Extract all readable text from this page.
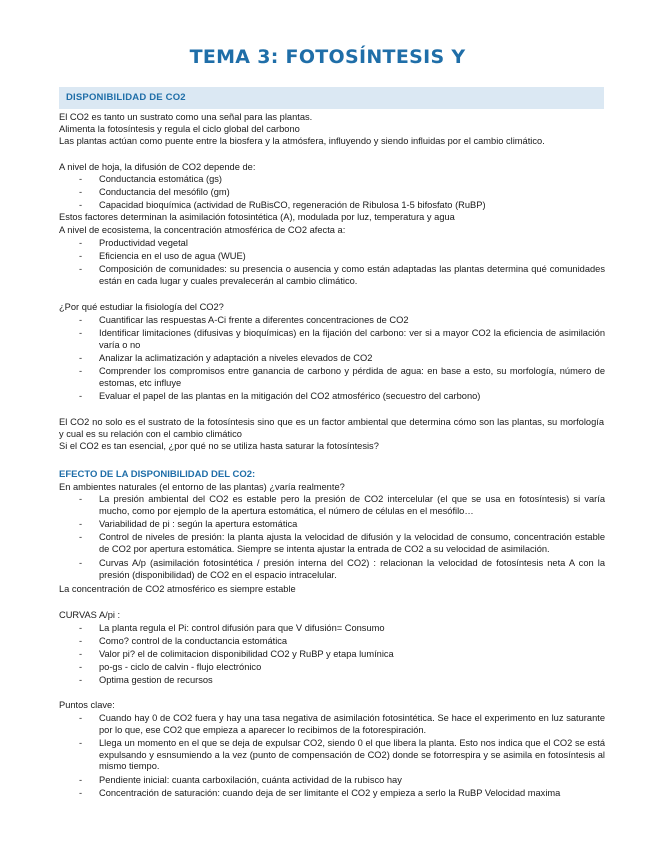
TEMA 3: FOTOSÍNTESIS Y
DISPONIBILIDAD DE CO2
El CO2 es tanto un sustrato como una señal para las plantas.
Alimenta la fotosíntesis y regula el ciclo global del carbono
Las plantas actúan como puente entre la biosfera y la atmósfera, influyendo y siendo influidas por el cambio climático.
A nivel de hoja, la difusión de CO2 depende de:
- Conductancia estomática (gs)
- Conductancia del mesófilo (gm)
- Capacidad bioquímica (actividad de RuBisCO, regeneración de Ribulosa 1-5 bifosfato (RuBP)
Estos factores determinan la asimilación fotosintética (A), modulada por luz, temperatura y agua
A nivel de ecosistema, la concentración atmosférica de CO2 afecta a:
- Productividad vegetal
- Eficiencia en el uso de agua (WUE)
- Composición de comunidades: su presencia o ausencia y como están adaptadas las plantas determina qué comunidades están en cada lugar y cuales prevalecerán al cambio climático.
¿Por qué estudiar la fisiología del CO2?
- Cuantificar las respuestas A-Ci frente a diferentes concentraciones de CO2
- Identificar limitaciones (difusivas y bioquímicas) en la fijación del carbono: ver si a mayor CO2 la eficiencia de asimilación varía o no
- Analizar la aclimatización y adaptación a niveles elevados de CO2
- Comprender los compromisos entre ganancia de carbono y pérdida de agua: en base a esto, su morfología, número de estomas, etc influye
- Evaluar el papel de las plantas en la mitigación del CO2 atmosférico (secuestro del carbono)
El CO2 no solo es el sustrato de la fotosíntesis sino que es un factor ambiental que determina cómo son las plantas, su morfología y cual es su relación con el cambio climático
Si el CO2 es tan esencial, ¿por qué no se utiliza hasta saturar la fotosíntesis?
EFECTO DE LA DISPONIBILIDAD DEL CO2:
En ambientes naturales (el entorno de las plantas) ¿varía realmente?
- La presión ambiental del CO2 es estable pero la presión de CO2 intercelular (el que se usa en fotosíntesis) si varía mucho, como por ejemplo de la apertura estomática, el número de células en el mesófilo…
- Variabilidad de pi : según la apertura estomática
- Control de niveles de presión: la planta ajusta la velocidad de difusión y la velocidad de consumo, concentración estable de CO2 por apertura estomática. Siempre se intenta ajustar la entrada de CO2 a su velocidad de asimilación.
- Curvas A/p (asimilación fotosintética / presión interna del CO2) : relacionan la velocidad de fotosíntesis neta A con la presión (disponibilidad) de CO2 en el espacio intracelular.
La concentración de CO2 atmosférico es siempre estable
CURVAS A/pi :
- La planta regula el Pi: control difusión para que V difusión= Consumo
- Como? control de la conductancia estomática
- Valor pi? el de colimitacion disponibilidad CO2 y RuBP y etapa lumínica
- po-gs - ciclo de calvin - flujo electrónico
- Optima gestion de recursos
Puntos clave:
- Cuando hay 0 de CO2 fuera y hay una tasa negativa de asimilación fotosintética. Se hace el experimento en luz saturante por lo que, ese CO2 que empieza a aparecer lo recibimos de la fotorespiración.
- Llega un momento en el que se deja de expulsar CO2, siendo 0 el que libera la planta. Esto nos indica que el CO2 se está expulsando y esnsumiendo a la vez (punto de compensación de CO2) donde se fotorrespira y se asimila en fotosíntesis al mismo tiempo.
- Pendiente inicial: cuanta carboxilación, cuánta actividad de la rubisco hay
- Concentración de saturación: cuando deja de ser limitante el CO2 y empieza a serlo la RuBP Velocidad maxima
